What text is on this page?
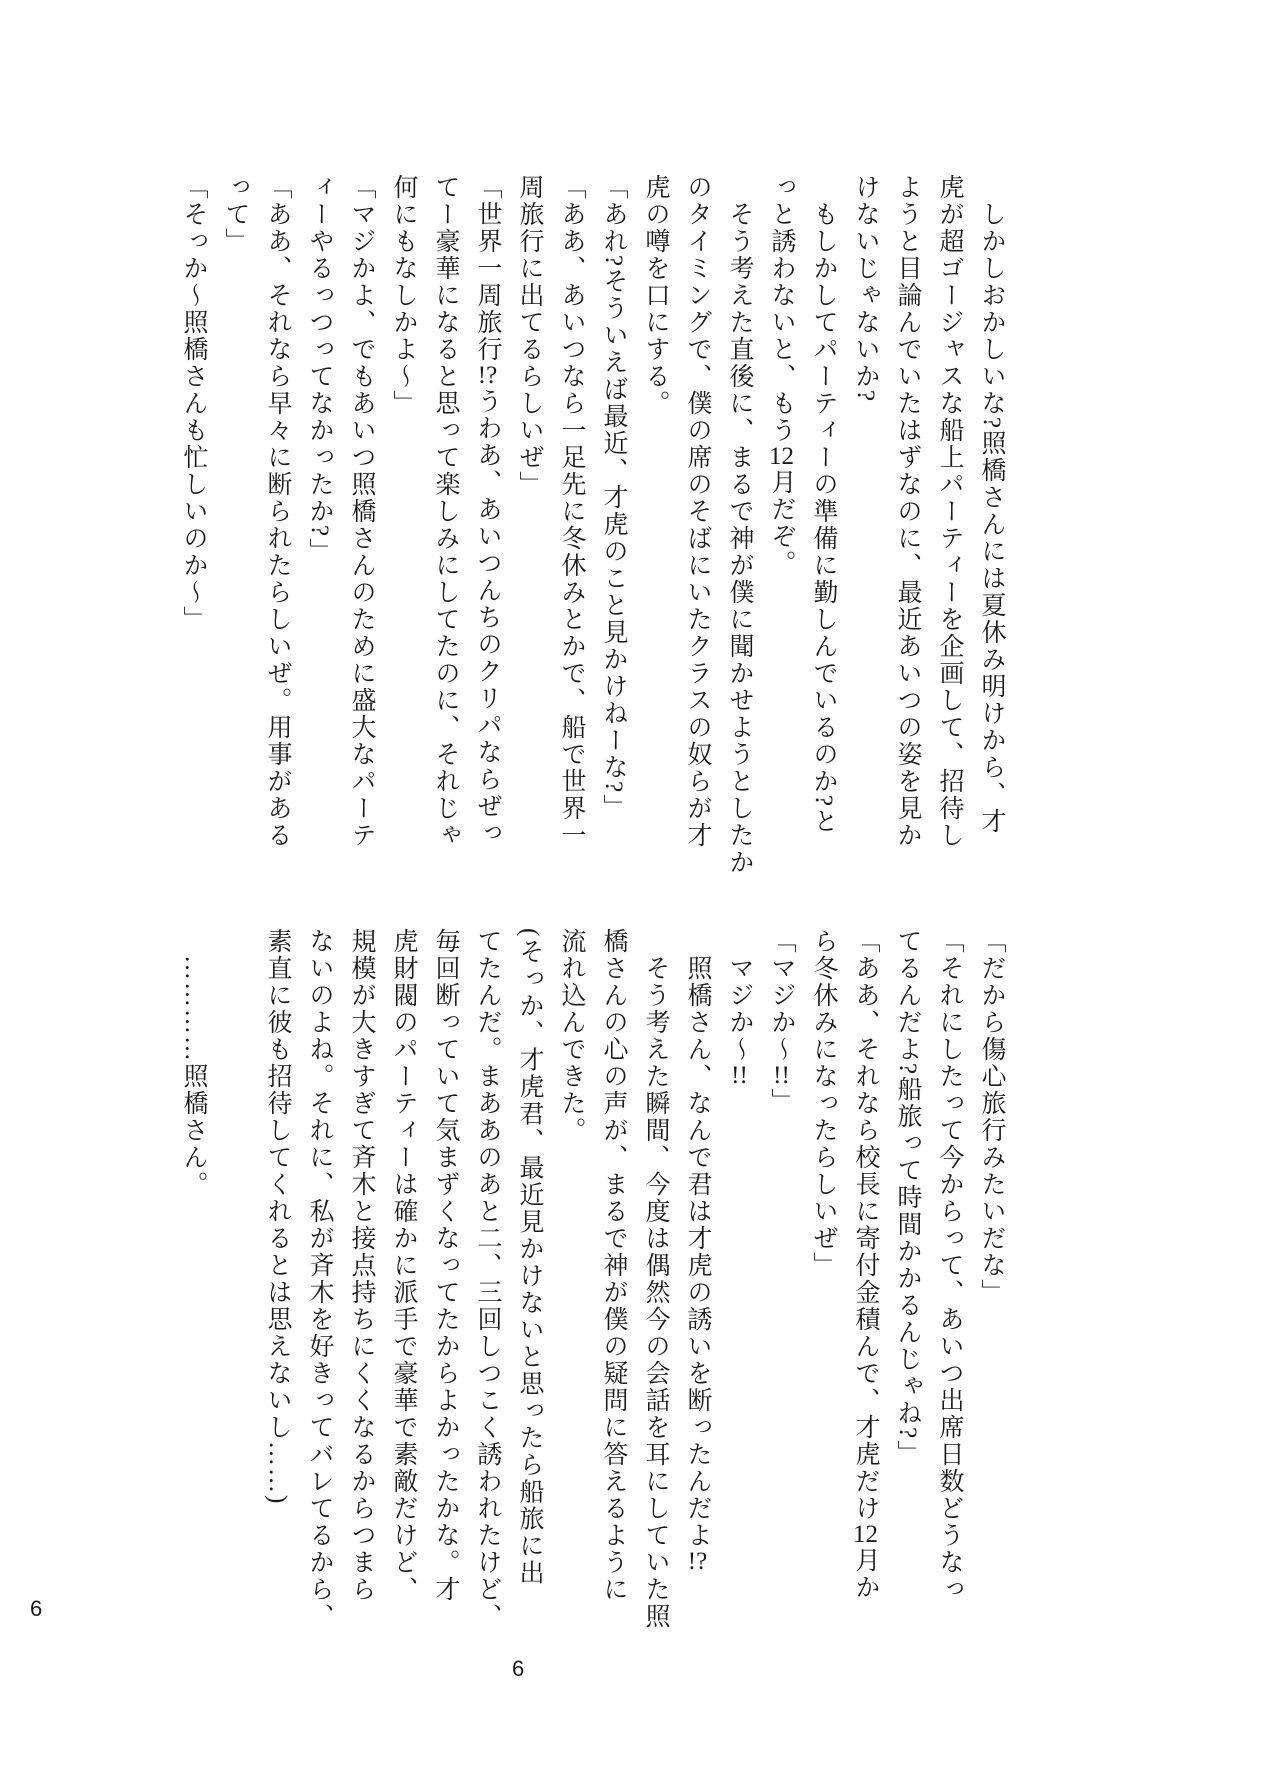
　しかしおかしいな?照橋さんには夏休み明けから、才

虎が超ゴージャスな船上パーティーを企画して、招待し

ようと目論んでいたはずなのに、最近あいつの姿を見か

けないじゃないか?

　もしかしてパーティーの準備に勤しんでいるのか?と

っと誘わないと、もう12月だぞ。

　そう考えた直後に、まるで神が僕に聞かせようとしたか

のタイミングで、僕の席のそばにいたクラスの奴らが才

虎の噂を口にする。

「あれ?そういえば最近、才虎のこと見かけねーな?」

「ああ、あいつなら一足先に冬休みとかで、船で世界一

周旅行に出てるらしいぜ」

「世界一周旅行!?うわあ、あいつんちのクリパならぜっ

てー豪華になると思って楽しみにしてたのに、それじゃ

何にもなしかよ〜」

「マジかよ、でもあいつ照橋さんのために盛大なパーテ

ィーやるっつってなかったか?」

「ああ、それなら早々に断られたらしいぜ。用事がある

って」

「そっか〜照橋さんも忙しいのか〜」

「だから傷心旅行みたいだな」

「それにしたって今からって、あいつ出席日数どうなっ

てるんだよ?船旅って時間かかるんじゃね?」

「ああ、それなら校長に寄付金積んで、才虎だけ12月か

ら冬休みになったらしいぜ」

「マジか〜!!」

　マジか〜!!

　照橋さん、なんで君は才虎の誘いを断ったんだよ!?

　そう考えた瞬間、今度は偶然今の会話を耳にしていた照

橋さんの心の声が、まるで神が僕の疑問に答えるように

流れ込んできた。

(そっか、才虎君、最近見かけないと思ったら船旅に出

てたんだ。まああのあと二、三回しつこく誘われたけど、

毎回断っていて気まずくなってたからよかったかな。才

虎財閥のパーティーは確かに派手で豪華で素敵だけど、

規模が大きすぎて斉木と接点持ちにくくなるからつまら

ないのよね。それに、私が斉木を好きってバレてるから、

素直に彼も招待してくれるとは思えないし……)

　…………照橋さん。

6
6
